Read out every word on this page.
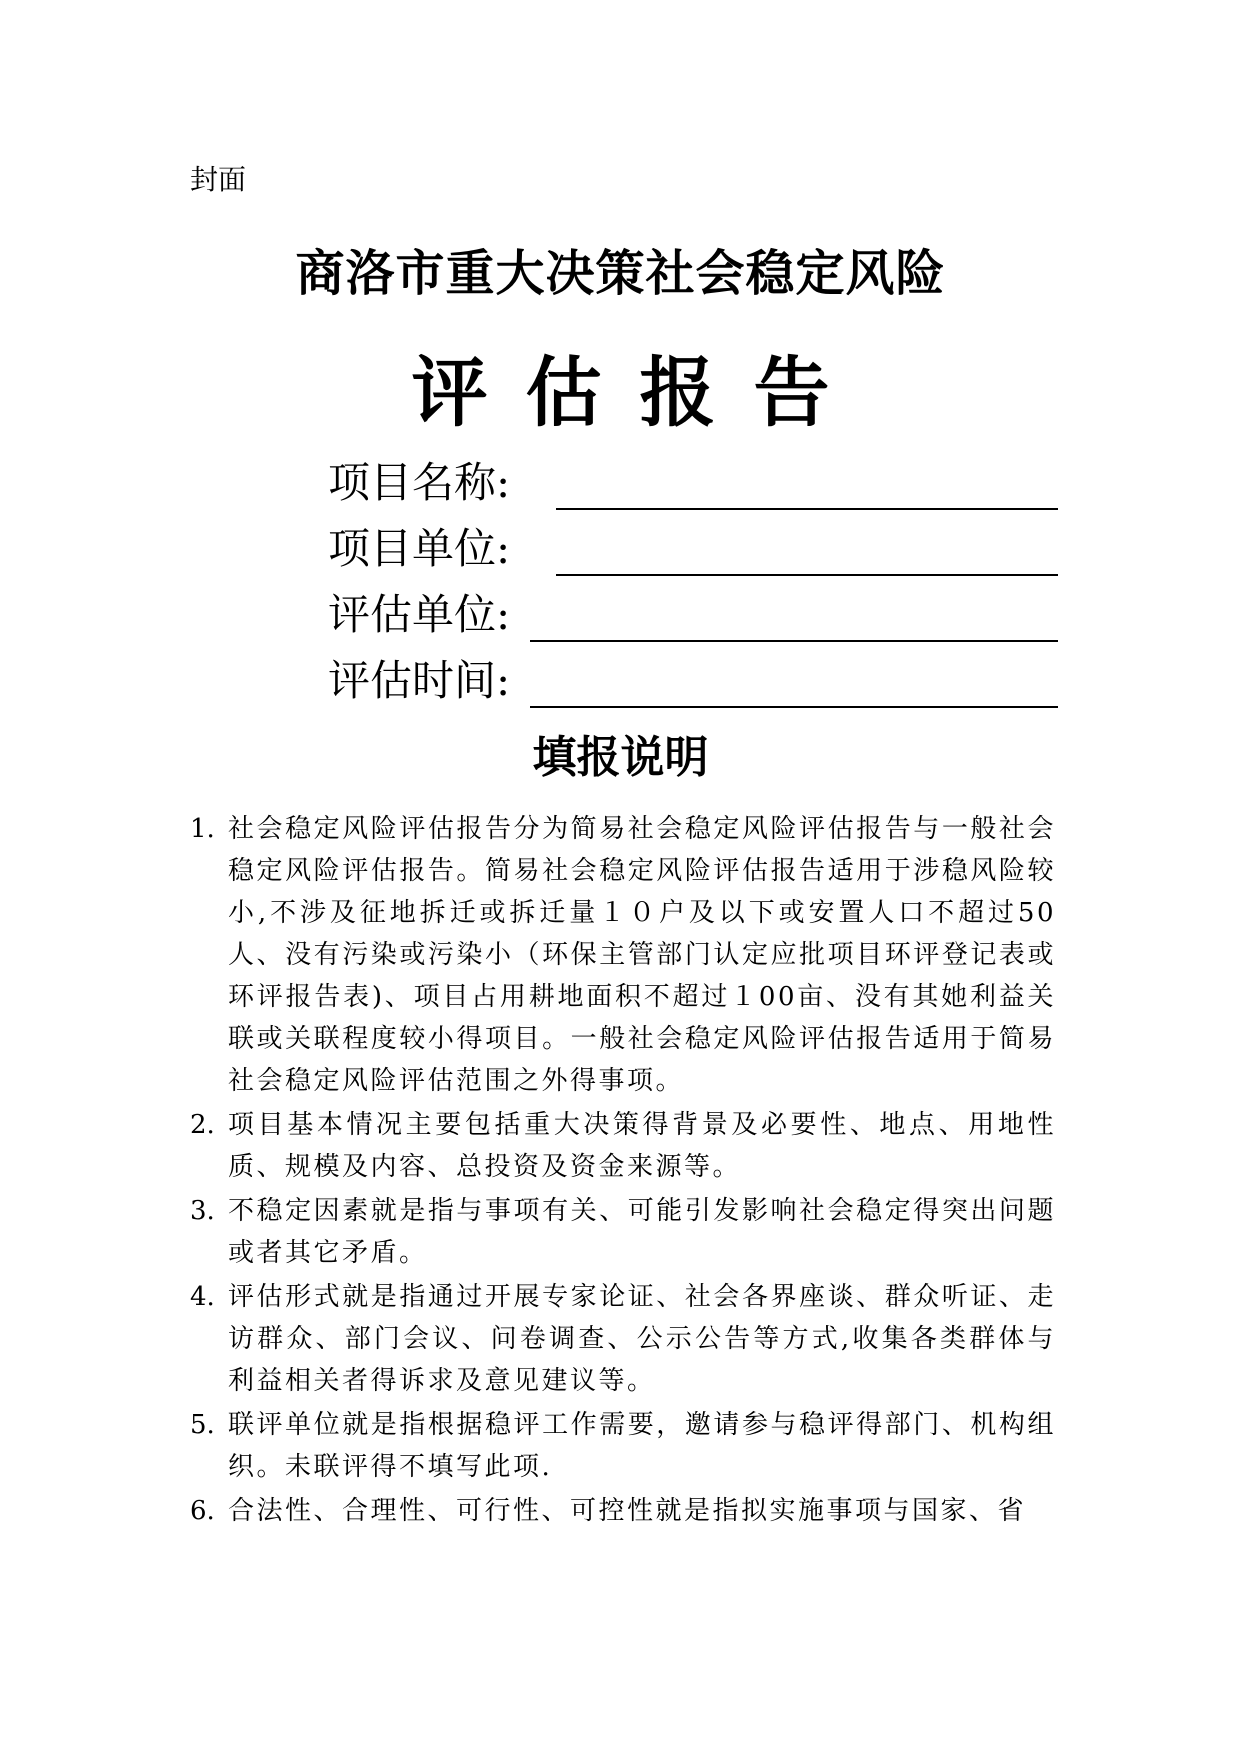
封面
商洛市重大决策社会稳定风险
评估报告
项目名称:
项目单位:
评估单位:
评估时间:
填报说明
1. 社会稳定风险评估报告分为简易社会稳定风险评估报告与一般社会稳定风险评估报告。简易社会稳定风险评估报告适用于涉稳风险较小,不涉及征地拆迁或拆迁量１０户及以下或安置人口不超过50人、没有污染或污染小（环保主管部门认定应批项目环评登记表或环评报告表)、项目占用耕地面积不超过１00亩、没有其她利益关联或关联程度较小得项目。一般社会稳定风险评估报告适用于简易社会稳定风险评估范围之外得事项。
2. 项目基本情况主要包括重大决策得背景及必要性、地点、用地性质、规模及内容、总投资及资金来源等。
3. 不稳定因素就是指与事项有关、可能引发影响社会稳定得突出问题或者其它矛盾。
4. 评估形式就是指通过开展专家论证、社会各界座谈、群众听证、走访群众、部门会议、问卷调查、公示公告等方式,收集各类群体与利益相关者得诉求及意见建议等。
5. 联评单位就是指根据稳评工作需要，邀请参与稳评得部门、机构组织。未联评得不填写此项.
6. 合法性、合理性、可行性、可控性就是指拟实施事项与国家、省
